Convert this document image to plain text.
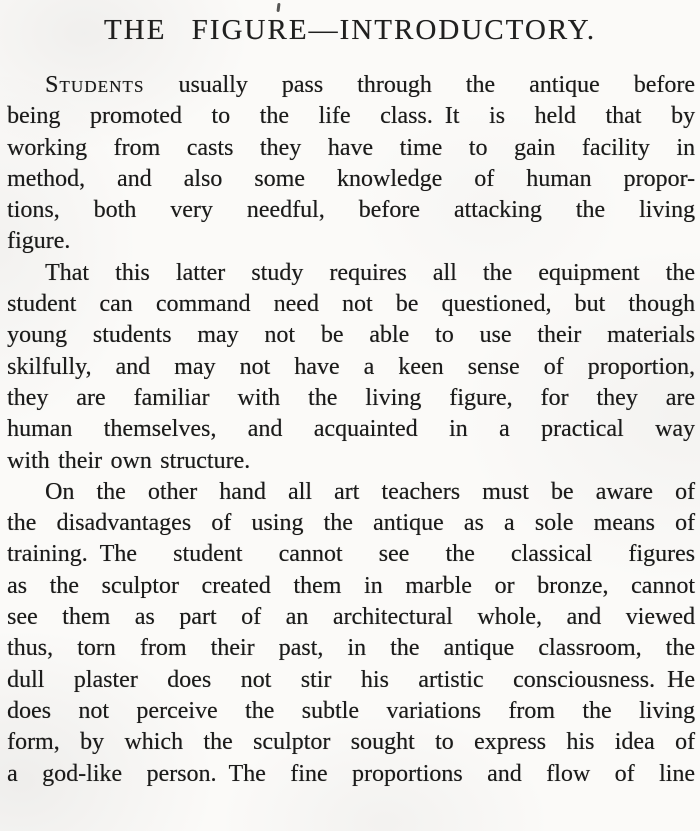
THE FIGURE—INTRODUCTORY.
Students usually pass through the antique before
being promoted to the life class. It is held that by
working from casts they have time to gain facility in
method, and also some knowledge of human propor-
tions, both very needful, before attacking the living
figure.
That this latter study requires all the equipment the
student can command need not be questioned, but though
young students may not be able to use their materials
skilfully, and may not have a keen sense of proportion,
they are familiar with the living figure, for they are
human themselves, and acquainted in a practical way
with their own structure.
On the other hand all art teachers must be aware of
the disadvantages of using the antique as a sole means of
training. The student cannot see the classical figures
as the sculptor created them in marble or bronze, cannot
see them as part of an architectural whole, and viewed
thus, torn from their past, in the antique classroom, the
dull plaster does not stir his artistic consciousness. He
does not perceive the subtle variations from the living
form, by which the sculptor sought to express his idea of
a god-like person. The fine proportions and flow of line
